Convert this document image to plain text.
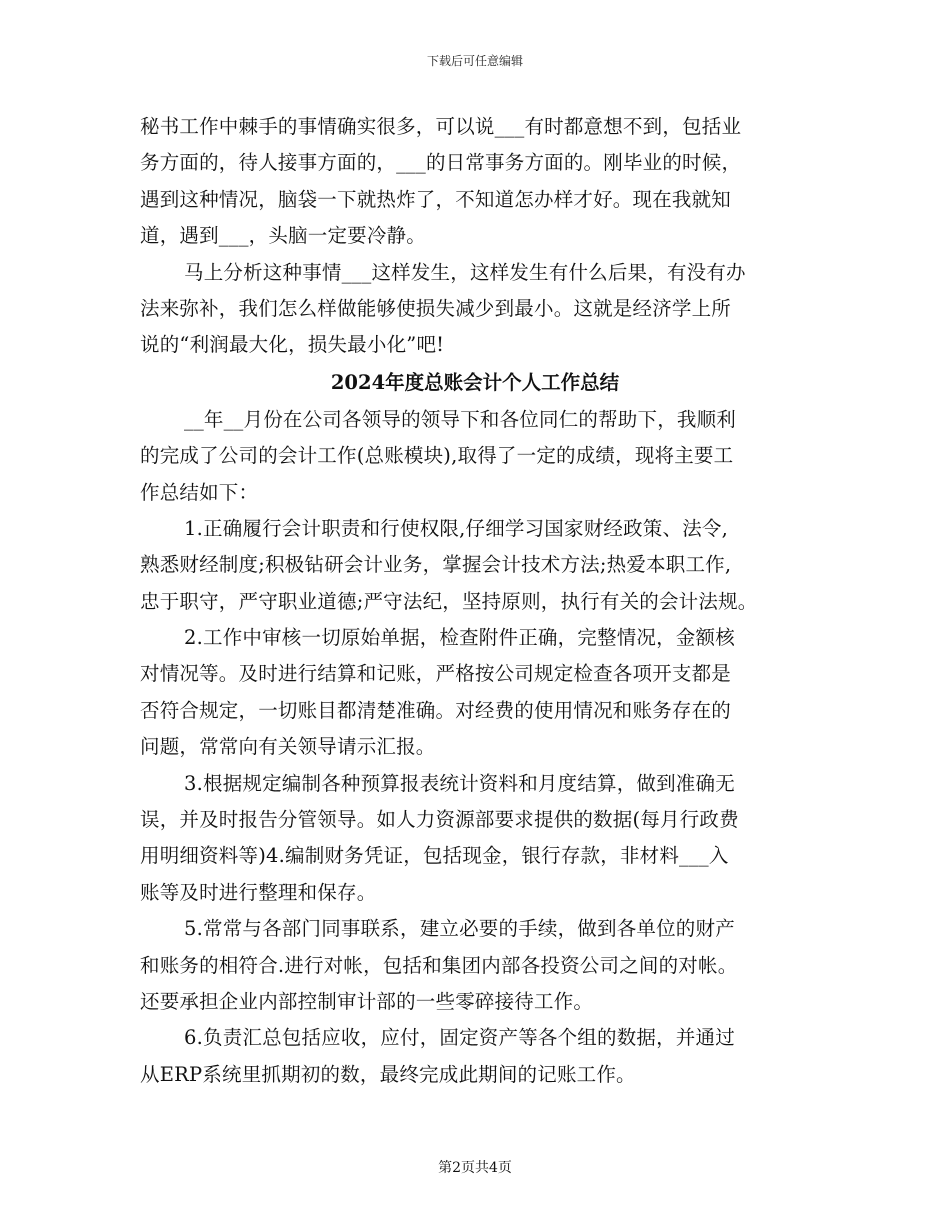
下载后可任意编辑
秘书工作中棘手的事情确实很多，可以说___有时都意想不到，包括业
务方面的，待人接事方面的，___的日常事务方面的。刚毕业的时候，
遇到这种情况，脑袋一下就热炸了，不知道怎办样才好。现在我就知
道，遇到___，头脑一定要冷静。
马上分析这种事情___这样发生，这样发生有什么后果，有没有办
法来弥补，我们怎么样做能够使损失减少到最小。这就是经济学上所
说的“利润最大化，损失最小化”吧!
2024年度总账会计个人工作总结
__年__月份在公司各领导的领导下和各位同仁的帮助下，我顺利
的完成了公司的会计工作(总账模块),取得了一定的成绩，现将主要工
作总结如下：
1.正确履行会计职责和行使权限,仔细学习国家财经政策、法令,
熟悉财经制度;积极钻研会计业务，掌握会计技术方法;热爱本职工作,
忠于职守，严守职业道德;严守法纪，坚持原则，执行有关的会计法规。
2.工作中审核一切原始单据，检查附件正确，完整情况，金额核
对情况等。及时进行结算和记账，严格按公司规定检查各项开支都是
否符合规定，一切账目都清楚准确。对经费的使用情况和账务存在的
问题，常常向有关领导请示汇报。
3.根据规定编制各种预算报表统计资料和月度结算，做到准确无
误，并及时报告分管领导。如人力资源部要求提供的数据(每月行政费
用明细资料等)4.编制财务凭证，包括现金，银行存款，非材料___入
账等及时进行整理和保存。
5.常常与各部门同事联系，建立必要的手续，做到各单位的财产
和账务的相符合.进行对帐，包括和集团内部各投资公司之间的对帐。
还要承担企业内部控制审计部的一些零碎接待工作。
6.负责汇总包括应收，应付，固定资产等各个组的数据，并通过
从ERP系统里抓期初的数，最终完成此期间的记账工作。
第2页共4页
